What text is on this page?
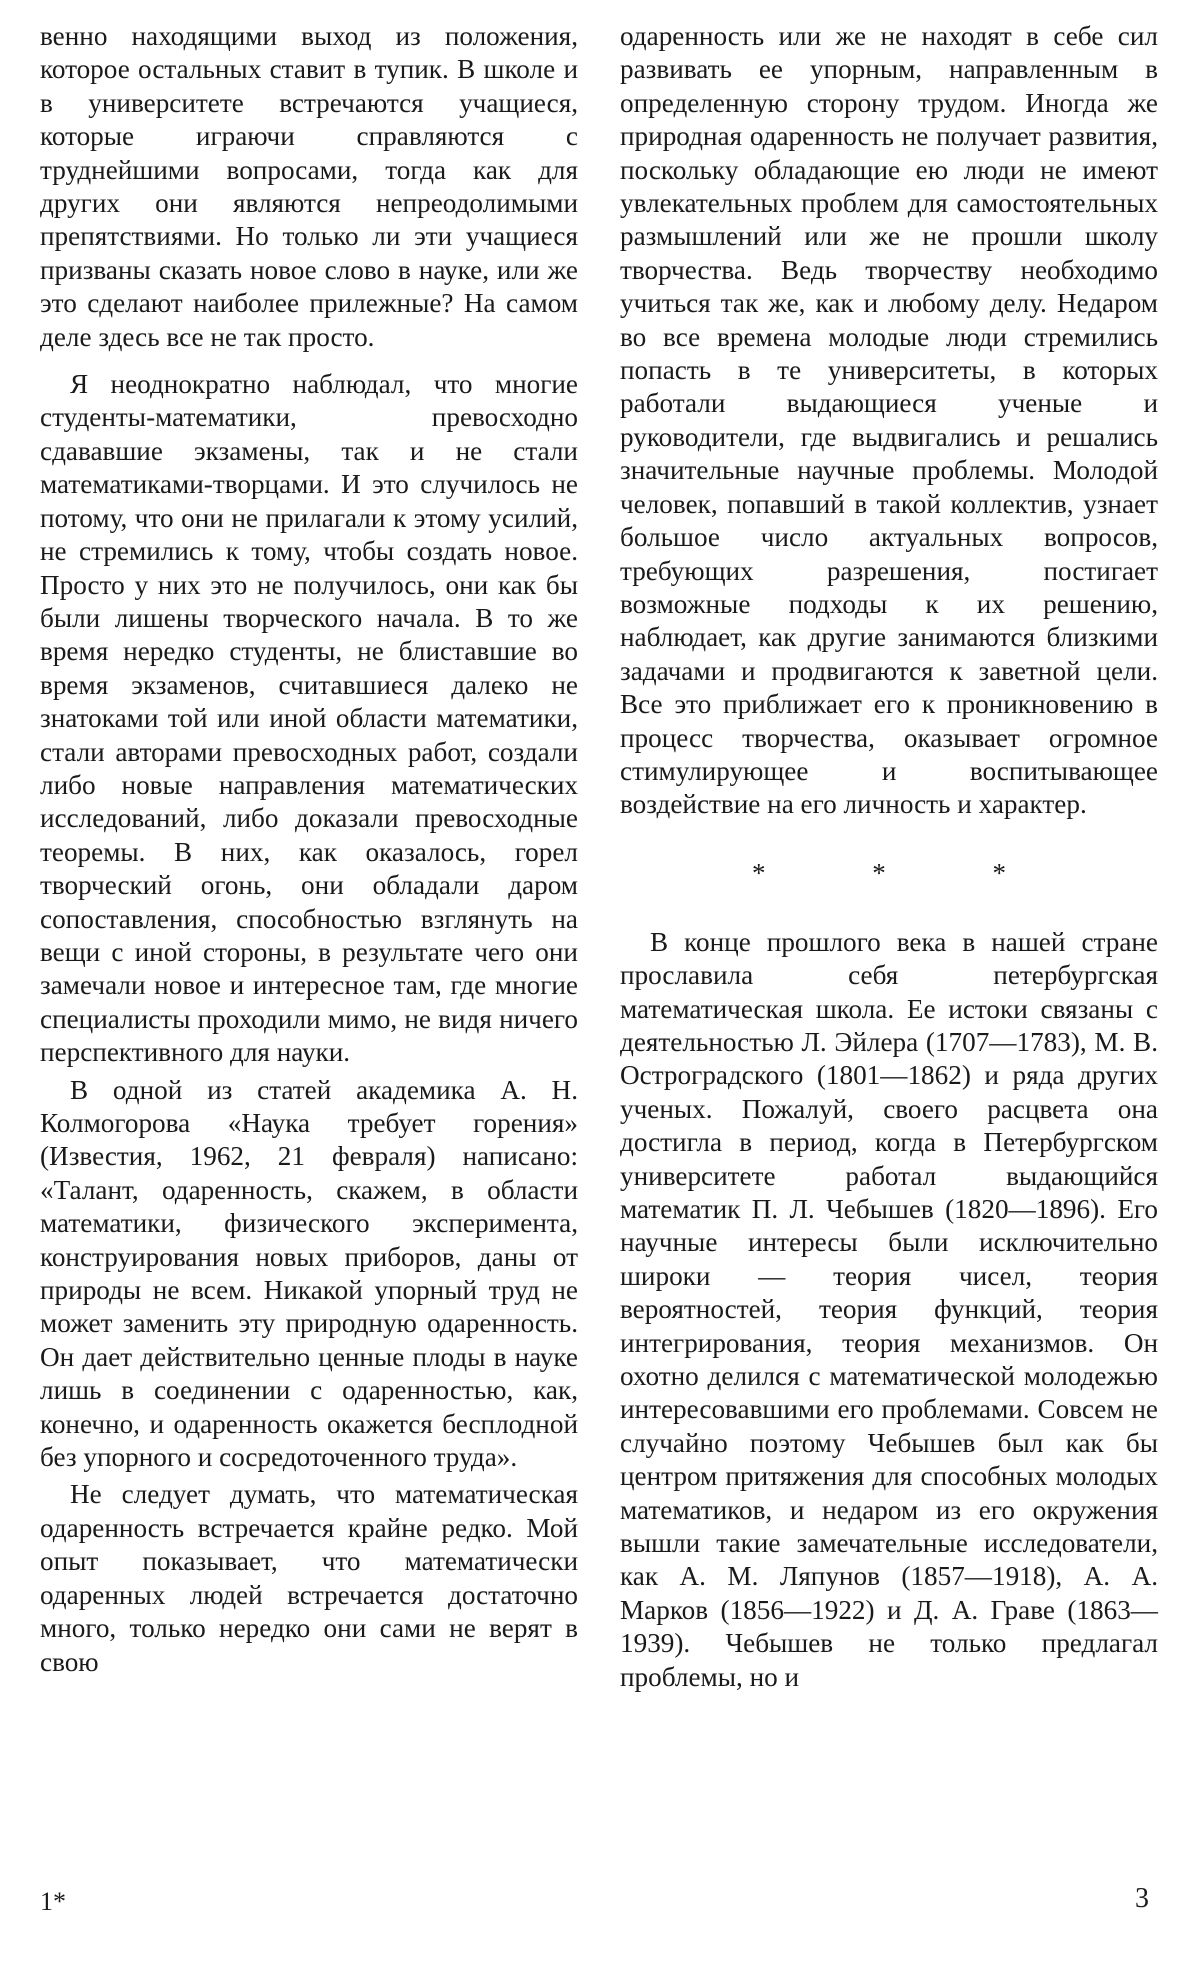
венно находящими выход из положения, которое остальных ставит в тупик. В школе и в университете встречаются учащиеся, которые играючи справляются с труднейшими вопросами, тогда как для других они являются непреодолимыми препятствиями. Но только ли эти учащиеся призваны сказать новое слово в науке, или же это сделают наиболее прилежные? На самом деле здесь все не так просто.

Я неоднократно наблюдал, что многие студенты-математики, превосходно сдававшие экзамены, так и не стали математиками-творцами. И это случилось не потому, что они не прилагали к этому усилий, не стремились к тому, чтобы создать новое. Просто у них это не получилось, они как бы были лишены творческого начала. В то же время нередко студенты, не блиставшие во время экзаменов, считавшиеся далеко не знатоками той или иной области математики, стали авторами превосходных работ, создали либо новые направления математических исследований, либо доказали превосходные теоремы. В них, как оказалось, горел творческий огонь, они обладали даром сопоставления, способностью взглянуть на вещи с иной стороны, в результате чего они замечали новое и интересное там, где многие специалисты проходили мимо, не видя ничего перспективного для науки.

В одной из статей академика А. Н. Колмогорова «Наука требует горения» (Известия, 1962, 21 февраля) написано: «Талант, одаренность, скажем, в области математики, физического эксперимента, конструирования новых приборов, даны от природы не всем. Никакой упорный труд не может заменить эту природную одаренность. Он дает действительно ценные плоды в науке лишь в соединении с одаренностью, как, конечно, и одаренность окажется бесплодной без упорного и сосредоточенного труда».

Не следует думать, что математическая одаренность встречается крайне редко. Мой опыт показывает, что математически одаренных людей встречается достаточно много, только нередко они сами не верят в свою

одаренность или же не находят в себе сил развивать ее упорным, направленным в определенную сторону трудом. Иногда же природная одаренность не получает развития, поскольку обладающие ею люди не имеют увлекательных проблем для самостоятельных размышлений или же не прошли школу творчества. Ведь творчеству необходимо учиться так же, как и любому делу. Недаром во все времена молодые люди стремились попасть в те университеты, в которых работали выдающиеся ученые и руководители, где выдвигались и решались значительные научные проблемы. Молодой человек, попавший в такой коллектив, узнает большое число актуальных вопросов, требующих разрешения, постигает возможные подходы к их решению, наблюдает, как другие занимаются близкими задачами и продвигаются к заветной цели. Все это приближает его к проникновению в процесс творчества, оказывает огромное стимулирующее и воспитывающее воздействие на его личность и характер.

* * *

В конце прошлого века в нашей стране прославила себя петербургская математическая школа. Ее истоки связаны с деятельностью Л. Эйлера (1707—1783), М. В. Остроградского (1801—1862) и ряда других ученых. Пожалуй, своего расцвета она достигла в период, когда в Петербургском университете работал выдающийся математик П. Л. Чебышев (1820—1896). Его научные интересы были исключительно широки — теория чисел, теория вероятностей, теория функций, теория интегрирования, теория механизмов. Он охотно делился с математической молодежью интересовавшими его проблемами. Совсем не случайно поэтому Чебышев был как бы центром притяжения для способных молодых математиков, и недаром из его окружения вышли такие замечательные исследователи, как А. М. Ляпунов (1857—1918), А. А. Марков (1856—1922) и Д. А. Граве (1863—1939). Чебышев не только предлагал проблемы, но и

1*	3
